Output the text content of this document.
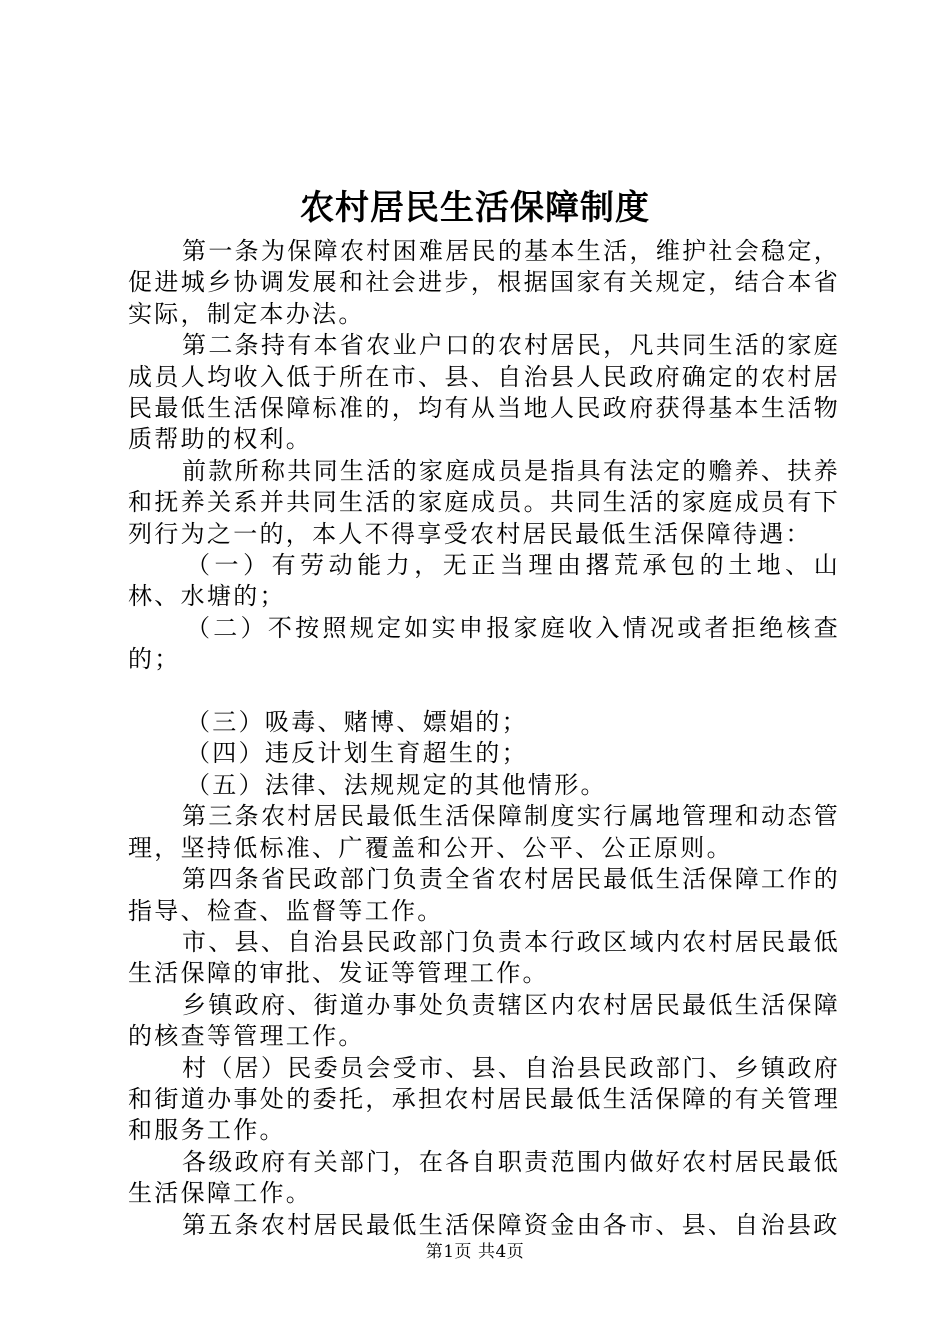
农村居民生活保障制度

第一条为保障农村困难居民的基本生活，维护社会稳定，促进城乡协调发展和社会进步，根据国家有关规定，结合本省实际，制定本办法。

第二条持有本省农业户口的农村居民，凡共同生活的家庭成员人均收入低于所在市、县、自治县人民政府确定的农村居民最低生活保障标准的，均有从当地人民政府获得基本生活物质帮助的权利。

前款所称共同生活的家庭成员是指具有法定的赡养、扶养和抚养关系并共同生活的家庭成员。共同生活的家庭成员有下列行为之一的，本人不得享受农村居民最低生活保障待遇：

（一）有劳动能力，无正当理由撂荒承包的土地、山林、水塘的；

（二）不按照规定如实申报家庭收入情况或者拒绝核查的；

（三）吸毒、赌博、嫖娼的；

（四）违反计划生育超生的；

（五）法律、法规规定的其他情形。

第三条农村居民最低生活保障制度实行属地管理和动态管理，坚持低标准、广覆盖和公开、公平、公正原则。

第四条省民政部门负责全省农村居民最低生活保障工作的指导、检查、监督等工作。

市、县、自治县民政部门负责本行政区域内农村居民最低生活保障的审批、发证等管理工作。

乡镇政府、街道办事处负责辖区内农村居民最低生活保障的核查等管理工作。

村（居）民委员会受市、县、自治县民政部门、乡镇政府和街道办事处的委托，承担农村居民最低生活保障的有关管理和服务工作。

各级政府有关部门，在各自职责范围内做好农村居民最低生活保障工作。

第五条农村居民最低生活保障资金由各市、县、自治县政

第1页 共4页
